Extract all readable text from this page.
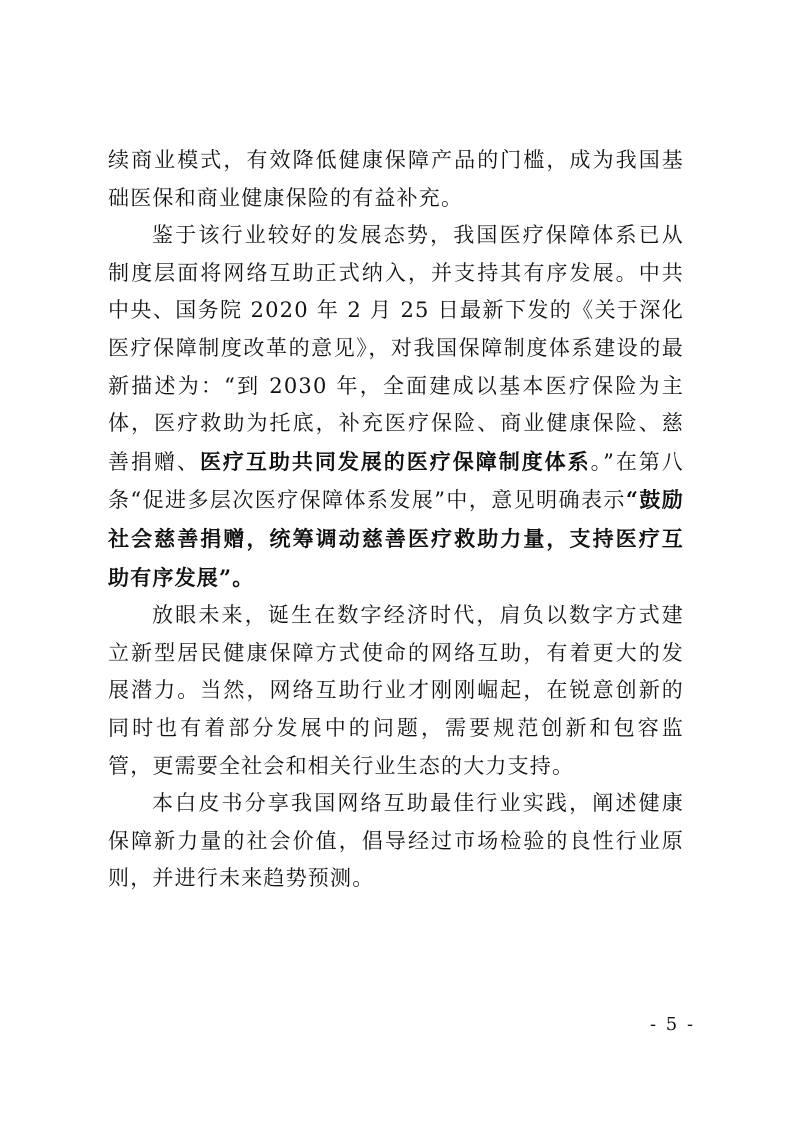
续商业模式，有效降低健康保障产品的门槛，成为我国基础医保和商业健康保险的有益补充。

鉴于该行业较好的发展态势，我国医疗保障体系已从制度层面将网络互助正式纳入，并支持其有序发展。中共中央、国务院 2020 年 2 月 25 日最新下发的《关于深化医疗保障制度改革的意见》，对我国保障制度体系建设的最新描述为：“到 2030 年，全面建成以基本医疗保险为主体，医疗救助为托底，补充医疗保险、商业健康保险、慈善捐赠、医疗互助共同发展的医疗保障制度体系。”在第八条“促进多层次医疗保障体系发展”中，意见明确表示“鼓励社会慈善捐赠，统筹调动慈善医疗救助力量，支持医疗互助有序发展”。

放眼未来，诞生在数字经济时代，肩负以数字方式建立新型居民健康保障方式使命的网络互助，有着更大的发展潜力。当然，网络互助行业才刚刚崛起，在锐意创新的同时也有着部分发展中的问题，需要规范创新和包容监管，更需要全社会和相关行业生态的大力支持。

本白皮书分享我国网络互助最佳行业实践，阐述健康保障新力量的社会价值，倡导经过市场检验的良性行业原则，并进行未来趋势预测。

- 5 -
